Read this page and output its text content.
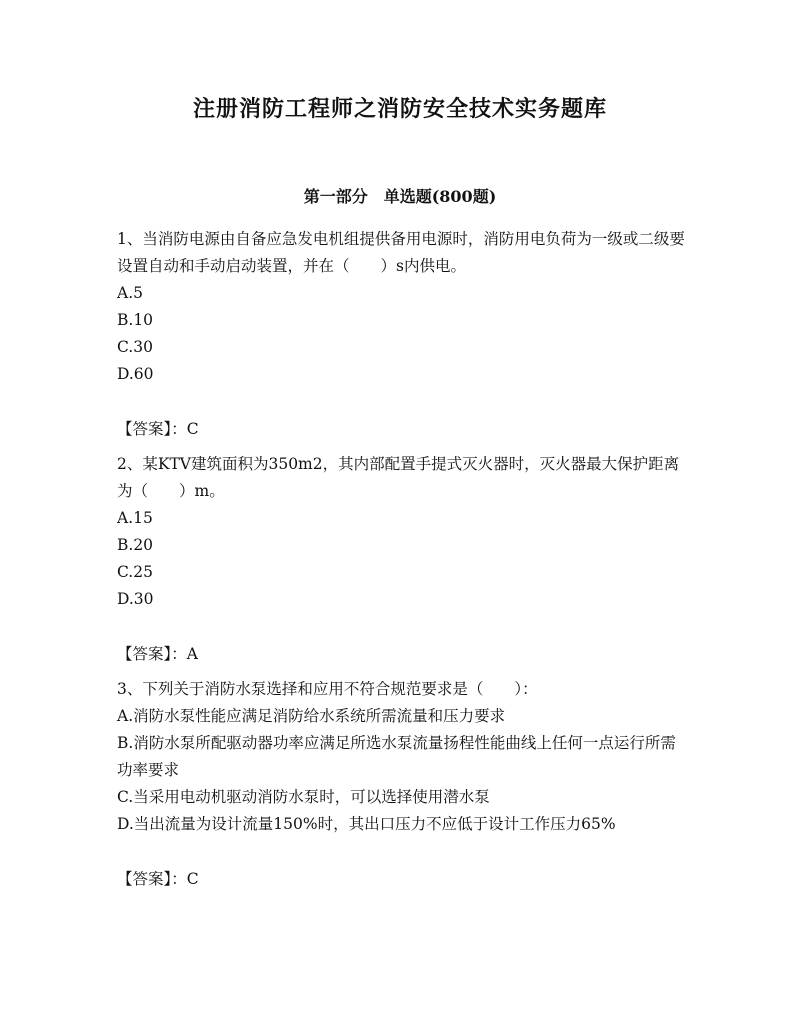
注册消防工程师之消防安全技术实务题库
第一部分　单选题(800题)

1、当消防电源由自备应急发电机组提供备用电源时，消防用电负荷为一级或二级要设置自动和手动启动装置，并在（　　）s内供电。

A.5

B.10

C.30

D.60

【答案】：C

2、某KTV建筑面积为350m2，其内部配置手提式灭火器时，灭火器最大保护距离为（　　）m。

A.15

B.20

C.25

D.30

【答案】：A

3、下列关于消防水泵选择和应用不符合规范要求是（　　）：

A.消防水泵性能应满足消防给水系统所需流量和压力要求

B.消防水泵所配驱动器功率应满足所选水泵流量扬程性能曲线上任何一点运行所需功率要求

C.当采用电动机驱动消防水泵时，可以选择使用潜水泵

D.当出流量为设计流量150%时，其出口压力不应低于设计工作压力65%

【答案】：C
